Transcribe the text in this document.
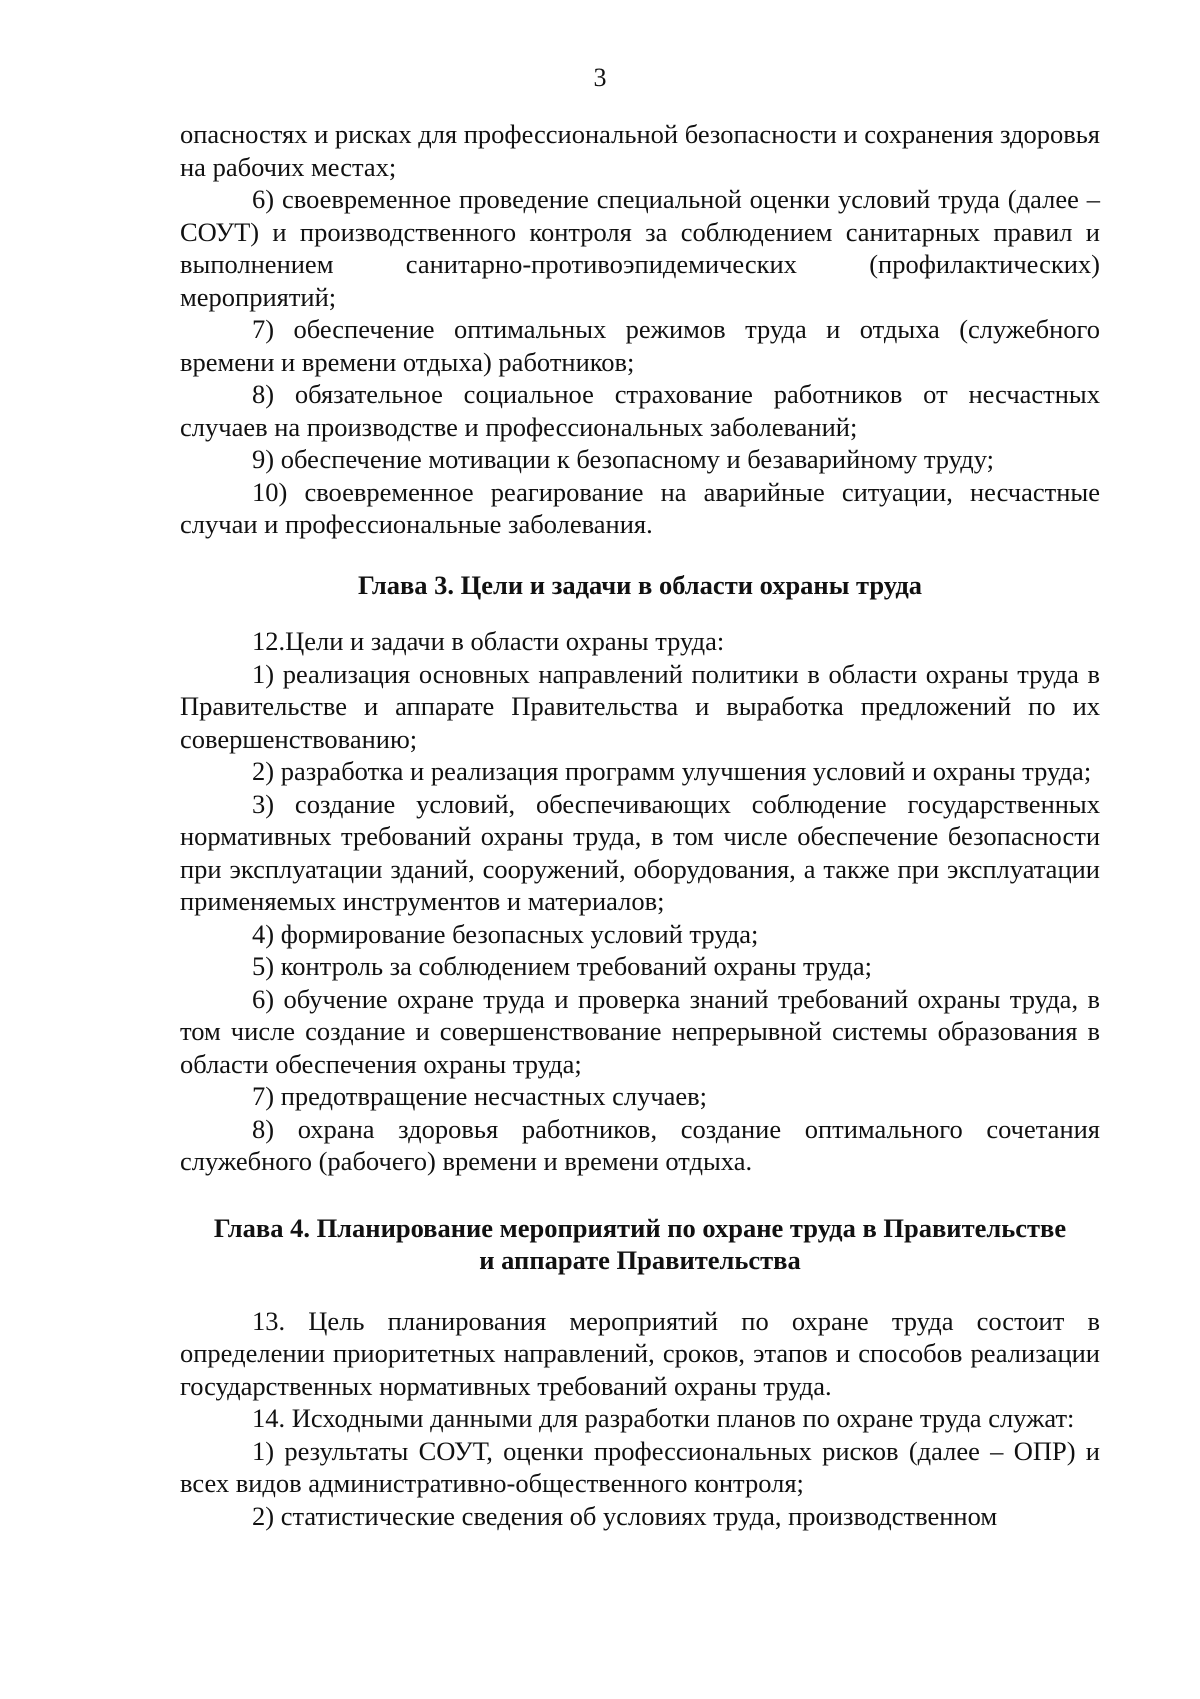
3

опасностях и рисках для профессиональной безопасности и сохранения здоровья на рабочих местах;

6) своевременное проведение специальной оценки условий труда (далее – СОУТ) и производственного контроля за соблюдением санитарных правил и выполнением санитарно-противоэпидемических (профилактических) мероприятий;

7) обеспечение оптимальных режимов труда и отдыха (служебного времени и времени отдыха) работников;

8) обязательное социальное страхование работников от несчастных случаев на производстве и профессиональных заболеваний;

9) обеспечение мотивации к безопасному и безаварийному труду;

10) своевременное реагирование на аварийные ситуации, несчастные случаи и профессиональные заболевания.

Глава 3. Цели и задачи в области охраны труда

12.Цели и задачи в области охраны труда:

1) реализация основных направлений политики в области охраны труда в Правительстве и аппарате Правительства и выработка предложений по их совершенствованию;

2) разработка и реализация программ улучшения условий и охраны труда;

3) создание условий, обеспечивающих соблюдение государственных нормативных требований охраны труда, в том числе обеспечение безопасности при эксплуатации зданий, сооружений, оборудования, а также при эксплуатации применяемых инструментов и материалов;

4) формирование безопасных условий труда;

5) контроль за соблюдением требований охраны труда;

6) обучение охране труда и проверка знаний требований охраны труда, в том числе создание и совершенствование непрерывной системы образования в области обеспечения охраны труда;

7) предотвращение несчастных случаев;

8) охрана здоровья работников, создание оптимального сочетания служебного (рабочего) времени и времени отдыха.

Глава 4. Планирование мероприятий по охране труда в Правительстве

и аппарате Правительства

13. Цель планирования мероприятий по охране труда состоит в определении приоритетных направлений, сроков, этапов и способов реализации государственных нормативных требований охраны труда.

14. Исходными данными для разработки планов по охране труда служат:

1) результаты СОУТ, оценки профессиональных рисков (далее – ОПР) и всех видов административно-общественного контроля;

2) статистические сведения об условиях труда, производственном
